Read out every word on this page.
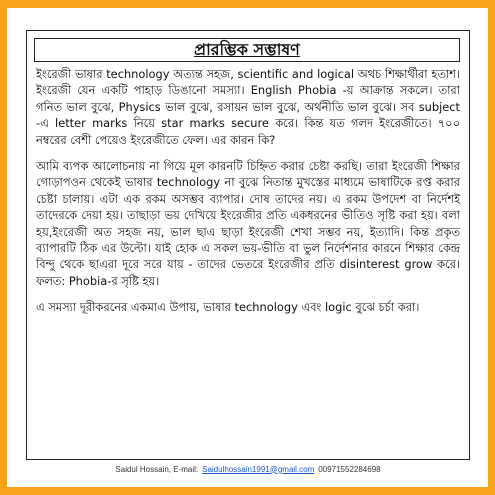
প্রারম্ভিক সম্ভাষণ

ইংরেজী ভাষার technology অত্যন্ত সহজ, scientific and logical অথচ শিক্ষার্থীরা হতাশ। ইংরেজী যেন একটি পাহাড় ডিঙানো সমস্যা। English Phobia -য় আক্রান্ত সকলে। তারা গনিত ভাল বুঝে, Physics ভাল বুঝে, রসায়ন ভাল বুঝে, অর্থনীতি ভাল বুঝে। সব subject -এ letter marks নিয়ে star marks secure করে। কিন্ত যত গলদ ইংরেজীতে। ৭০০ নম্বরের বেশী পেয়েও ইংরেজীতে ফেল। এর কারন কি?

আমি ব্যপক আলোচনায় না গিয়ে মূল কারনটি চিহ্নিত করার চেষ্টা করছি। তারা ইংরেজী শিক্ষার গোড়াপওন থেকেই ভাষার technology না বুঝে নিতান্ত মুখস্তের মাধ্যমে ভাষাটিকে রপ্ত করার চেষ্টা চালায়। এটা এক রকম অসম্ভব ব্যাপার। দোষ তাদের নয়। এ রকম উপদেশ বা নির্দেশই তাদেরকে দেয়া হয়। তাছাড়া ভয় দেখিয়ে ইংরেজীর প্রতি একধরনের ভীতিও সৃষ্টি করা হয়। বলা হয়,ইংরেজী অত সহজ নয়, ভাল ছাএ ছাড়া ইংরেজী শেখা সম্ভব নয়, ইত্যাদি। কিন্ত প্রকৃত ব্যাপারটি ঠিক এর উল্টো। যাই হোক এ সকল ভয়-ভীতি বা ভুল নির্দেশনার কারনে শিক্ষার কেন্দ্র বিন্দু থেকে ছাএরা দূরে সরে যায় - তাদের ভেতরে ইংরেজীর প্রতি disinterest grow করে। ফলত: Phobia-র সৃষ্টি হয়।

এ সমস্যা দূরীকরনের একমাএ উপায়, ভাষার technology এবং logic বুঝে চর্চা করা।

Saidul Hossain, E-mail: Saidulhossain1991@gmail.com 00971552284698
